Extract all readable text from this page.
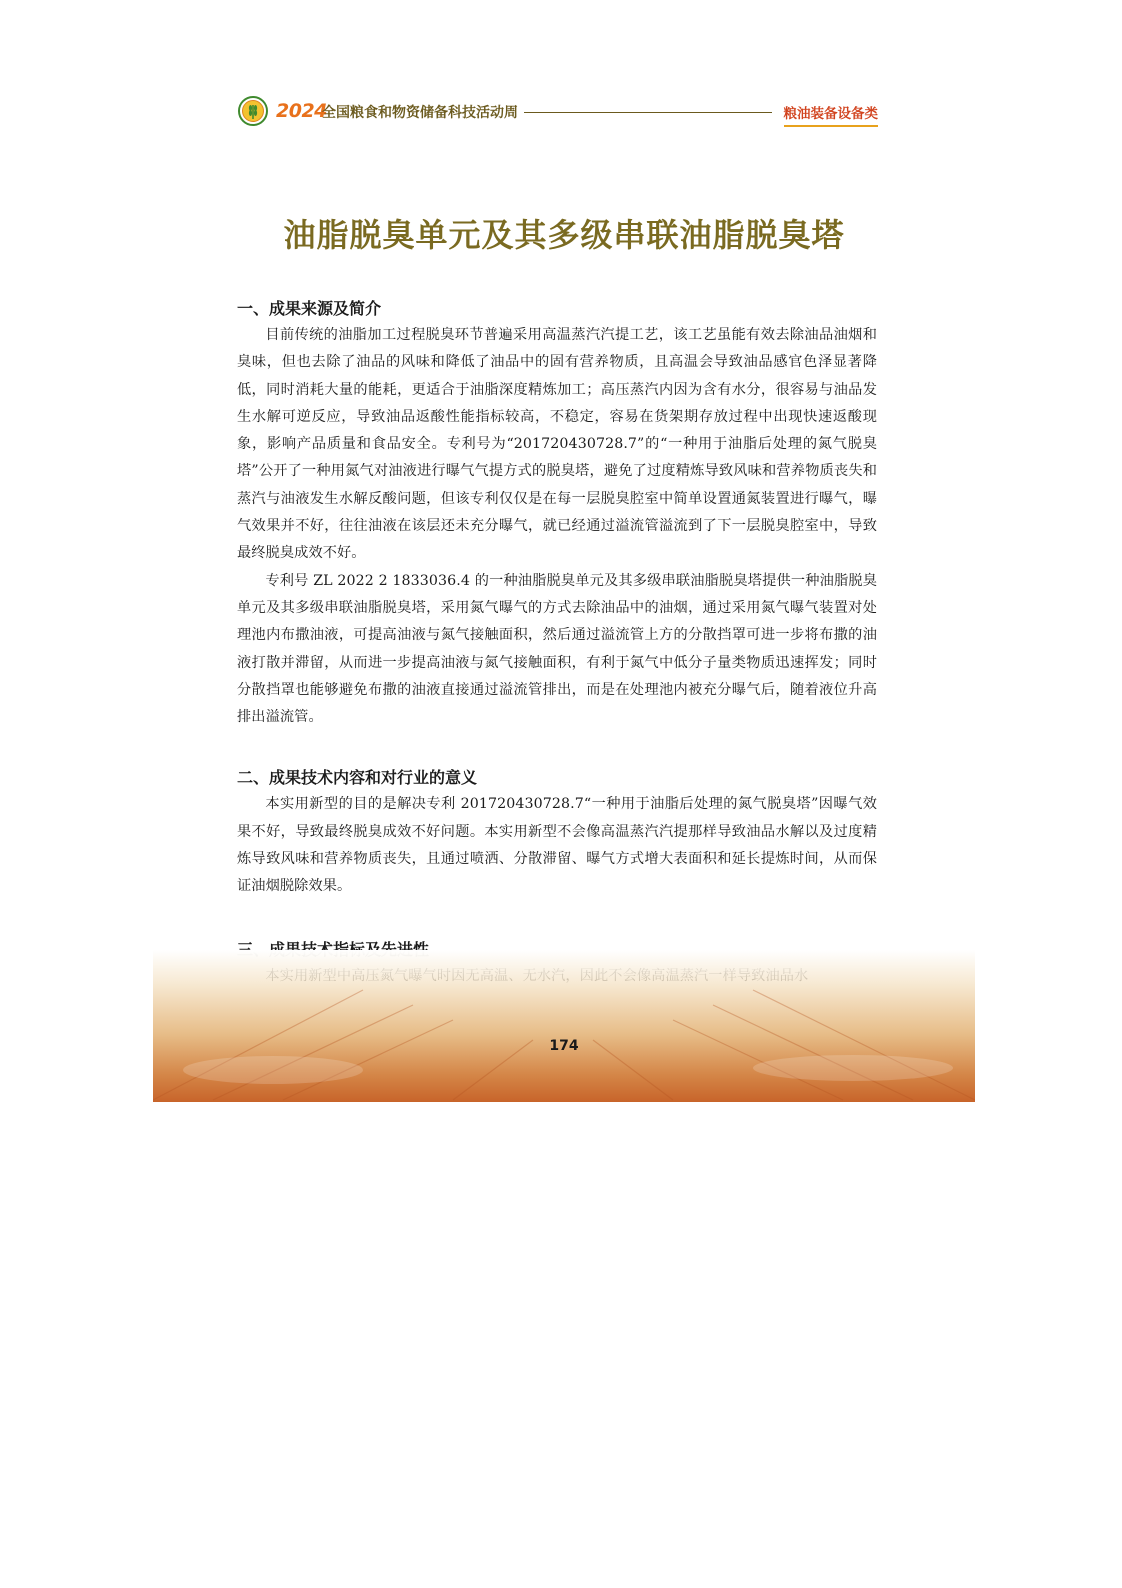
2024
全国粮食和物资储备科技活动周	粮油装备设备类
油脂脱臭单元及其多级串联油脂脱臭塔
一、成果来源及简介

目前传统的油脂加工过程脱臭环节普遍采用高温蒸汽汽提工艺，该工艺虽能有效去除油品油烟和臭味，但也去除了油品的风味和降低了油品中的固有营养物质，且高温会导致油品感官色泽显著降低，同时消耗大量的能耗，更适合于油脂深度精炼加工；高压蒸汽内因为含有水分，很容易与油品发生水解可逆反应，导致油品返酸性能指标较高，不稳定，容易在货架期存放过程中出现快速返酸现象，影响产品质量和食品安全。专利号为“201720430728.7”的“一种用于油脂后处理的氮气脱臭塔”公开了一种用氮气对油液进行曝气气提方式的脱臭塔，避免了过度精炼导致风味和营养物质丧失和蒸汽与油液发生水解反酸问题，但该专利仅仅是在每一层脱臭腔室中简单设置通氮装置进行曝气，曝气效果并不好，往往油液在该层还未充分曝气，就已经通过溢流管溢流到了下一层脱臭腔室中，导致最终脱臭成效不好。

专利号 ZL 2022 2 1833036.4 的一种油脂脱臭单元及其多级串联油脂脱臭塔提供一种油脂脱臭单元及其多级串联油脂脱臭塔，采用氮气曝气的方式去除油品中的油烟，通过采用氮气曝气装置对处理池内布撒油液，可提高油液与氮气接触面积，然后通过溢流管上方的分散挡罩可进一步将布撒的油液打散并滞留，从而进一步提高油液与氮气接触面积，有利于氮气中低分子量类物质迅速挥发；同时分散挡罩也能够避免布撒的油液直接通过溢流管排出，而是在处理池内被充分曝气后，随着液位升高排出溢流管。

二、成果技术内容和对行业的意义

本实用新型的目的是解决专利 201720430728.7“一种用于油脂后处理的氮气脱臭塔”因曝气效果不好，导致最终脱臭成效不好问题。本实用新型不会像高温蒸汽汽提那样导致油品水解以及过度精炼导致风味和营养物质丧失，且通过喷洒、分散滞留、曝气方式增大表面积和延长提炼时间，从而保证油烟脱除效果。

174
